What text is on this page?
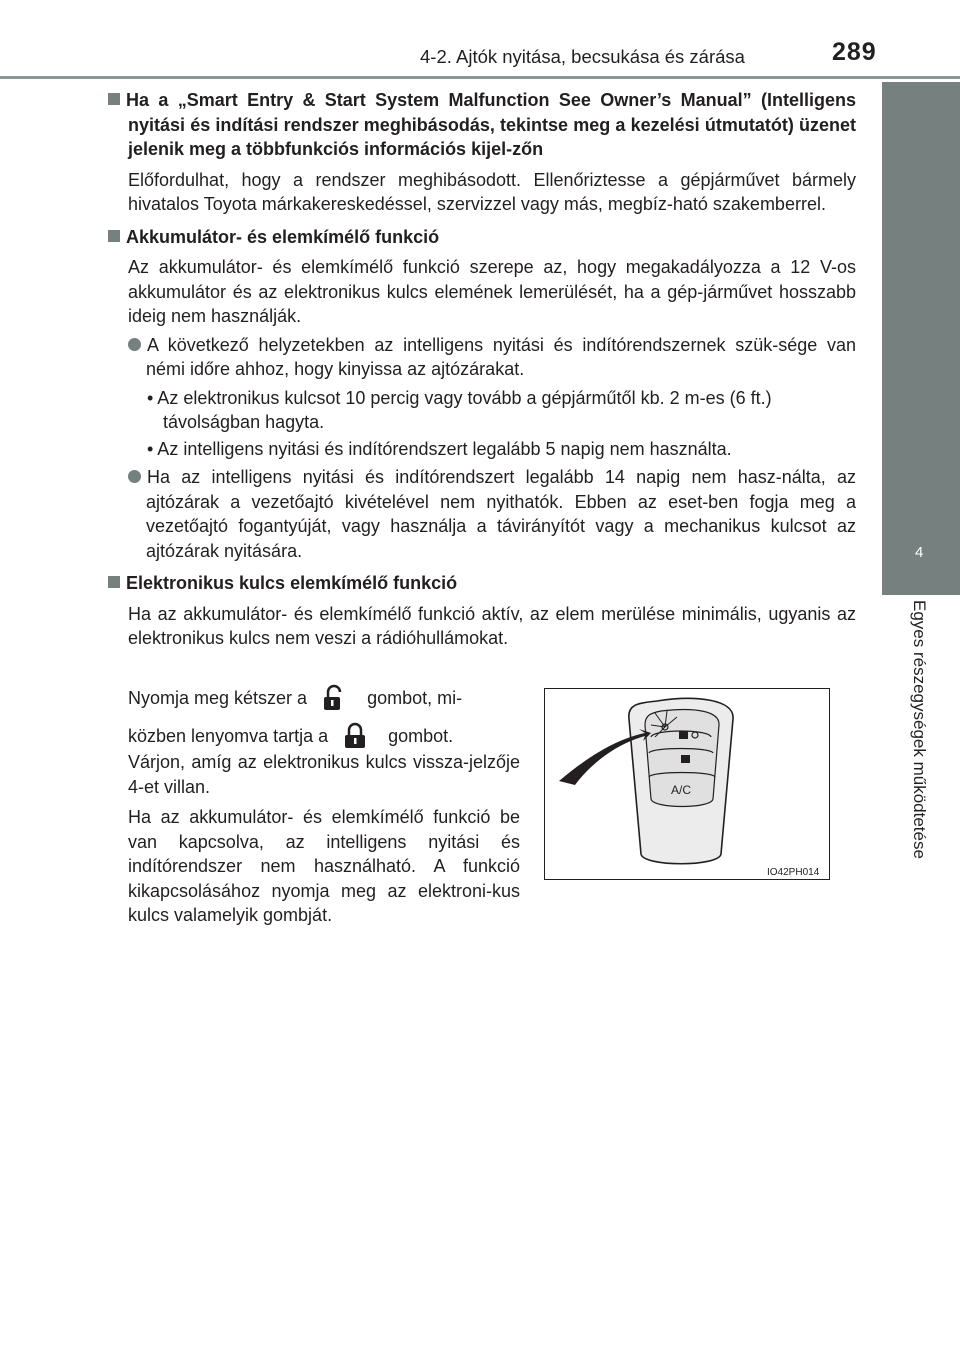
4-2. Ajtók nyitása, becsukása és zárása	289
4
Egyes részegységek működtetése
Ha a „Smart Entry & Start System Malfunction See Owner’s Manual” (Intelligens nyitási és indítási rendszer meghibásodás, tekintse meg a kezelési útmutatót) üzenet jelenik meg a többfunkciós információs kijel-zőn
Előfordulhat, hogy a rendszer meghibásodott. Ellenőriztesse a gépjárművet bármely hivatalos Toyota márkakereskedéssel, szervizzel vagy más, megbíz-ható szakemberrel.
Akkumulátor- és elemkímélő funkció
Az akkumulátor- és elemkímélő funkció szerepe az, hogy megakadályozza a 12 V-os akkumulátor és az elektronikus kulcs elemének lemerülését, ha a gép-járművet hosszabb ideig nem használják.
A következő helyzetekben az intelligens nyitási és indítórendszernek szük-sége van némi időre ahhoz, hogy kinyissa az ajtózárakat.
• Az elektronikus kulcsot 10 percig vagy tovább a gépjárműtől kb. 2 m-es (6 ft.) távolságban hagyta.
• Az intelligens nyitási és indítórendszert legalább 5 napig nem használta.
Ha az intelligens nyitási és indítórendszert legalább 14 napig nem hasz-nálta, az ajtózárak a vezetőajtó kivételével nem nyithatók. Ebben az eset-ben fogja meg a vezetőajtó fogantyúját, vagy használja a távirányítót vagy a mechanikus kulcsot az ajtózárak nyitására.
Elektronikus kulcs elemkímélő funkció
Ha az akkumulátor- és elemkímélő funkció aktív, az elem merülése minimális, ugyanis az elektronikus kulcs nem veszi a rádióhullámokat.
Nyomja meg kétszer a	gombot, mi-
közben lenyomva tartja a	gombot.
Várjon, amíg az elektronikus kulcs vissza-jelzője 4-et villan.
Ha az akkumulátor- és elemkímélő funkció be van kapcsolva, az intelligens nyitási és indítórendszer nem használható. A funkció kikapcsolásához nyomja meg az elektroni-kus kulcs valamelyik gombját.
A/C
IO42PH014
